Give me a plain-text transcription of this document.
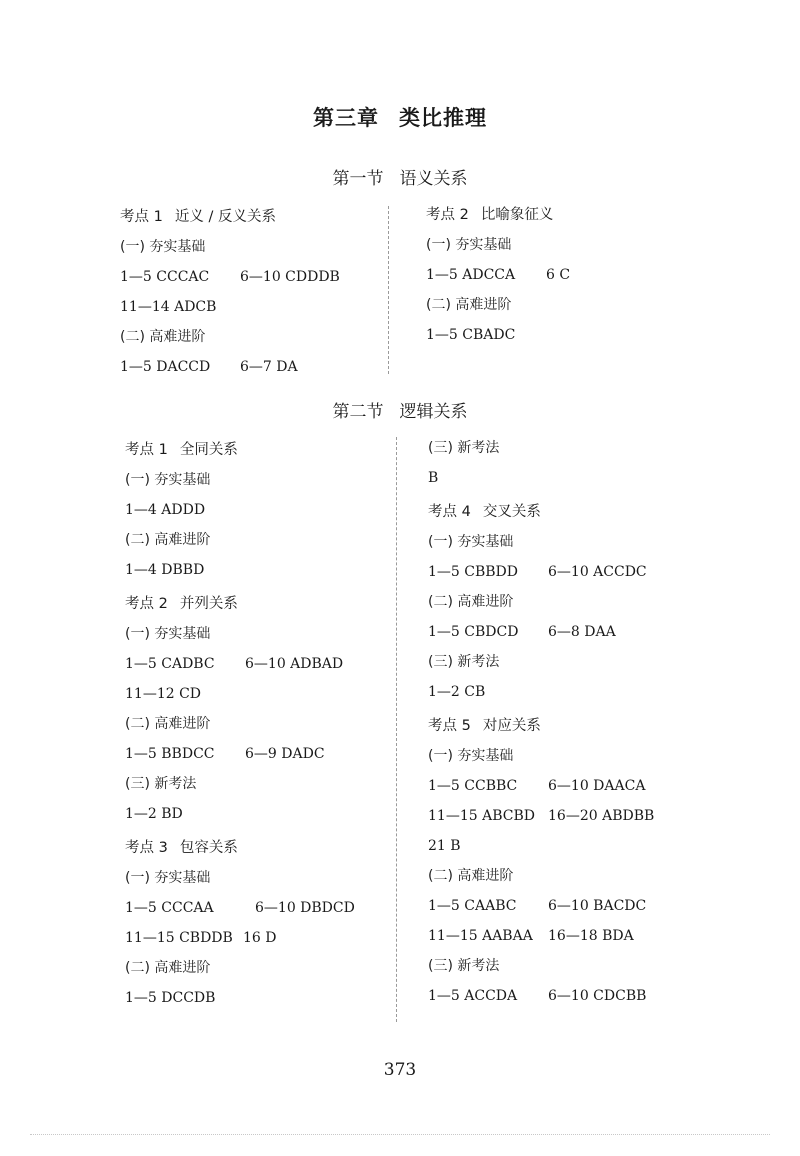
第三章 类比推理
第一节 语义关系
考点 1 近义 / 反义关系
(一) 夯实基础
1—5 CCCAC 6—10 CDDDB
11—14 ADCB
(二) 高难进阶
1—5 DACCD 6—7 DA
考点 2 比喻象征义
(一) 夯实基础
1—5 ADCCA 6 C
(二) 高难进阶
1—5 CBADC
第二节 逻辑关系
考点 1 全同关系
(一) 夯实基础
1—4 ADDD
(二) 高难进阶
1—4 DBBD
考点 2 并列关系
(一) 夯实基础
1—5 CADBC 6—10 ADBAD
11—12 CD
(二) 高难进阶
1—5 BBDCC 6—9 DADC
(三) 新考法
1—2 BD
考点 3 包容关系
(一) 夯实基础
1—5 CCCAA	6—10 DBDCD
11—15 CBDDB 16 D
(二) 高难进阶
1—5 DCCDB
(三) 新考法
B
考点 4 交叉关系
(一) 夯实基础
1—5 CBBDD 6—10 ACCDC
(二) 高难进阶
1—5 CBDCD 6—8 DAA
(三) 新考法
1—2 CB
考点 5 对应关系
(一) 夯实基础
1—5 CCBBC 6—10 DAACA
11—15 ABCBD 16—20 ABDBB
21 B
(二) 高难进阶
1—5 CAABC 6—10 BACDC
11—15 AABAA 16—18 BDA
(三) 新考法
1—5 ACCDA 6—10 CDCBB
373
